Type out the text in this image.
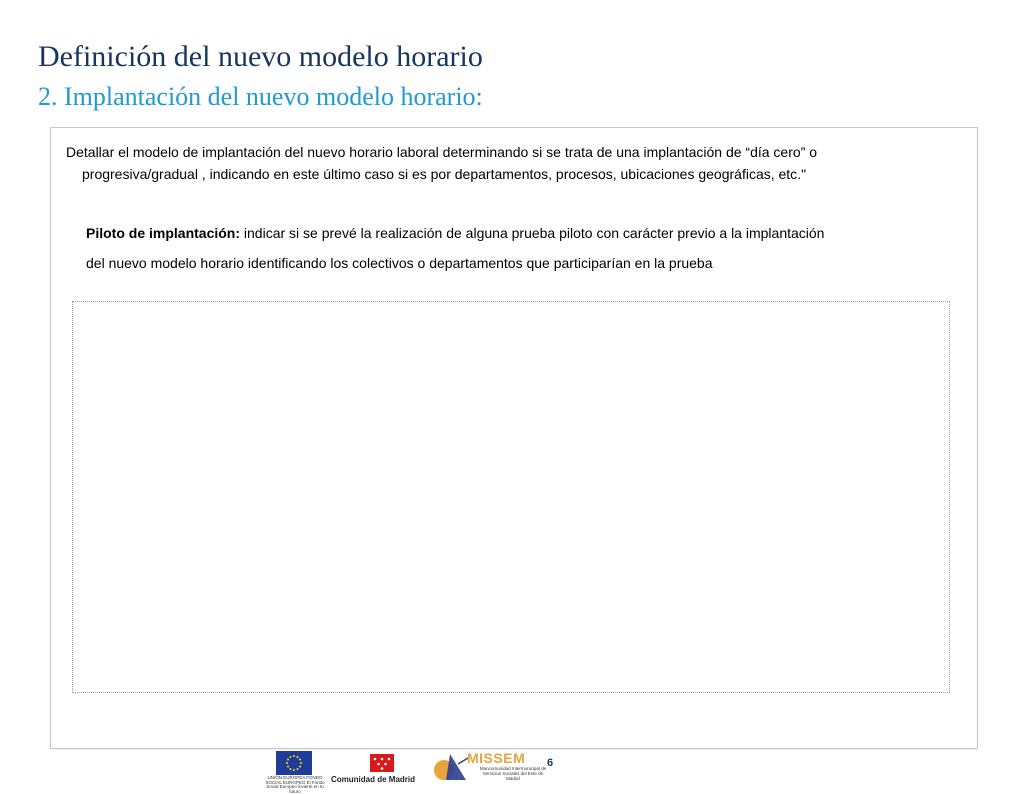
Definición del nuevo modelo horario
2. Implantación del nuevo modelo horario:
Detallar el modelo de implantación del nuevo horario laboral determinando si se trata de una implantación de “día cero” o progresiva/gradual , indicando en este último caso si es por departamentos, procesos, ubicaciones geográficas, etc."
Piloto de implantación: indicar si se prevé la realización de alguna prueba piloto con carácter previo a la implantación
del nuevo modelo horario identificando los colectivos o departamentos que participarían en la prueba
UNIÓN EUROPEA FONDO SOCIAL EUROPEO El Fondo Social Europeo invierte en tu futuro
Comunidad de Madrid
MISSEM
Mancomunidad Intermunicipal de Servicios Sociales del Este de Madrid
6
